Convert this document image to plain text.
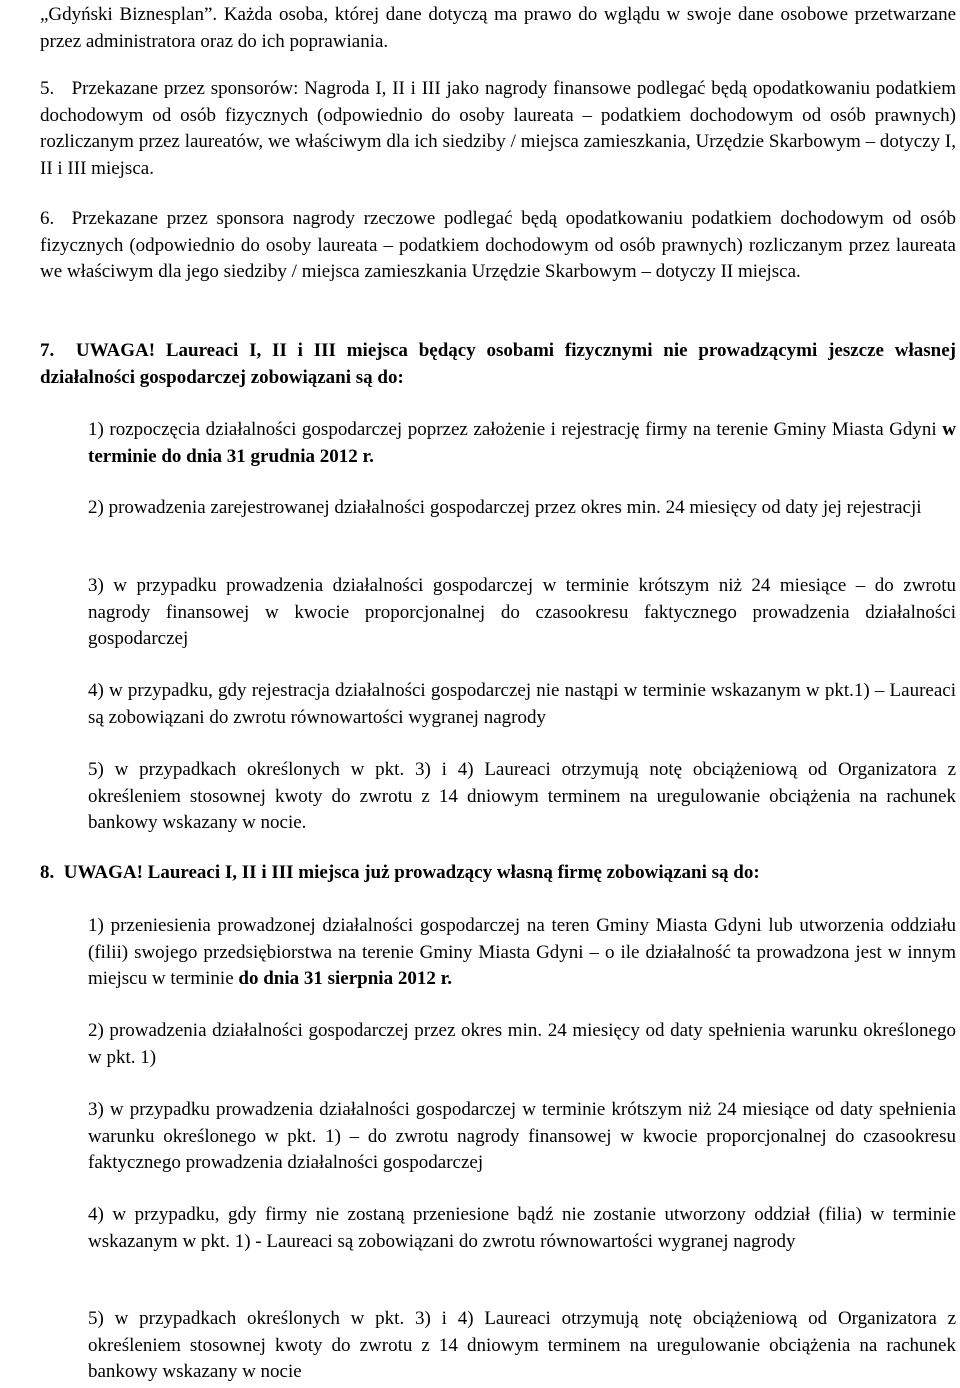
„Gdyński Biznesplan”. Każda osoba, której dane dotyczą ma prawo do wglądu w swoje dane osobowe przetwarzane przez administratora oraz do ich poprawiania.
5. Przekazane przez sponsorów: Nagroda I, II i III jako nagrody finansowe podlegać będą opodatkowaniu podatkiem dochodowym od osób fizycznych (odpowiednio do osoby laureata – podatkiem dochodowym od osób prawnych) rozliczanym przez laureatów, we właściwym dla ich siedziby / miejsca zamieszkania, Urzędzie Skarbowym – dotyczy I, II i III miejsca.
6. Przekazane przez sponsora nagrody rzeczowe podlegać będą opodatkowaniu podatkiem dochodowym od osób fizycznych (odpowiednio do osoby laureata – podatkiem dochodowym od osób prawnych) rozliczanym przez laureata we właściwym dla jego siedziby / miejsca zamieszkania Urzędzie Skarbowym – dotyczy II miejsca.
7. UWAGA! Laureaci I, II i III miejsca będący osobami fizycznymi nie prowadzącymi jeszcze własnej działalności gospodarczej zobowiązani są do:
1) rozpoczęcia działalności gospodarczej poprzez założenie i rejestrację firmy na terenie Gminy Miasta Gdyni w terminie do dnia 31 grudnia 2012 r.
2) prowadzenia zarejestrowanej działalności gospodarczej przez okres min. 24 miesięcy od daty jej rejestracji
3) w przypadku prowadzenia działalności gospodarczej w terminie krótszym niż 24 miesiące – do zwrotu nagrody finansowej w kwocie proporcjonalnej do czasookresu faktycznego prowadzenia działalności gospodarczej
4) w przypadku, gdy rejestracja działalności gospodarczej nie nastąpi w terminie wskazanym w pkt.1) – Laureaci są zobowiązani do zwrotu równowartości wygranej nagrody
5) w przypadkach określonych w pkt. 3) i 4) Laureaci otrzymują notę obciążeniową od Organizatora z określeniem stosownej kwoty do zwrotu z 14 dniowym terminem na uregulowanie obciążenia na rachunek bankowy wskazany w nocie.
8. UWAGA! Laureaci I, II i III miejsca już prowadzący własną firmę zobowiązani są do:
1) przeniesienia prowadzonej działalności gospodarczej na teren Gminy Miasta Gdyni lub utworzenia oddziału (filii) swojego przedsiębiorstwa na terenie Gminy Miasta Gdyni – o ile działalność ta prowadzona jest w innym miejscu w terminie do dnia 31 sierpnia 2012 r.
2) prowadzenia działalności gospodarczej przez okres min. 24 miesięcy od daty spełnienia warunku określonego w pkt. 1)
3) w przypadku prowadzenia działalności gospodarczej w terminie krótszym niż 24 miesiące od daty spełnienia warunku określonego w pkt. 1) – do zwrotu nagrody finansowej w kwocie proporcjonalnej do czasookresu faktycznego prowadzenia działalności gospodarczej
4) w przypadku, gdy firmy nie zostaną przeniesione bądź nie zostanie utworzony oddział (filia) w terminie wskazanym w pkt. 1) - Laureaci są zobowiązani do zwrotu równowartości wygranej nagrody
5) w przypadkach określonych w pkt. 3) i 4) Laureaci otrzymują notę obciążeniową od Organizatora z określeniem stosownej kwoty do zwrotu z 14 dniowym terminem na uregulowanie obciążenia na rachunek bankowy wskazany w nocie
